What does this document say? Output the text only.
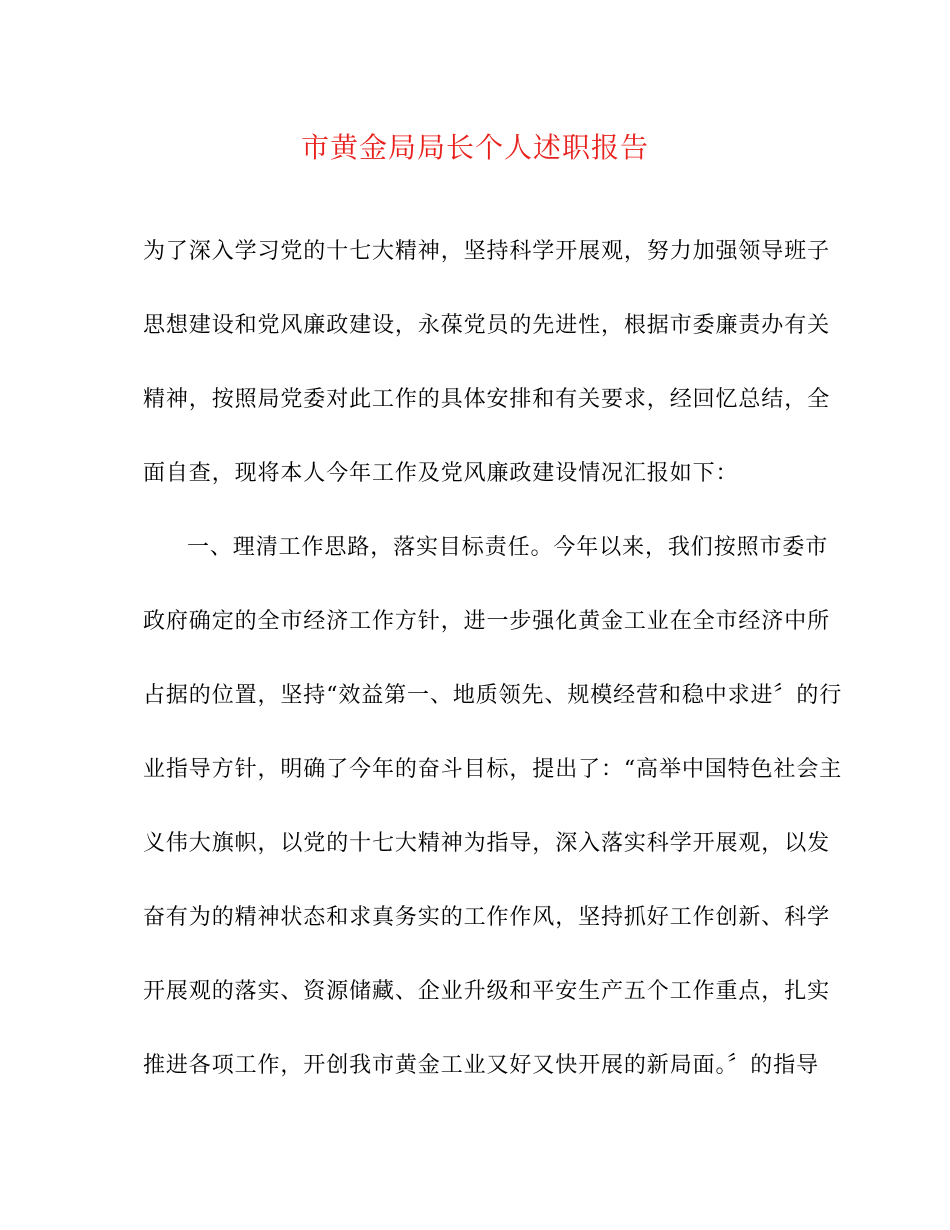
市黄金局局长个人述职报告
为了深入学习党的十七大精神，坚持科学开展观，努力加强领导班子
思想建设和党风廉政建设，永葆党员的先进性，根据市委廉责办有关
精神，按照局党委对此工作的具体安排和有关要求，经回忆总结，全
面自查，现将本人今年工作及党风廉政建设情况汇报如下：
一、理清工作思路，落实目标责任。今年以来，我们按照市委市
政府确定的全市经济工作方针，进一步强化黄金工业在全市经济中所
占据的位置，坚持“效益第一、地质领先、规模经营和稳中求进〞的行
业指导方针，明确了今年的奋斗目标，提出了：“高举中国特色社会主
义伟大旗帜，以党的十七大精神为指导，深入落实科学开展观，以发
奋有为的精神状态和求真务实的工作作风，坚持抓好工作创新、科学
开展观的落实、资源储藏、企业升级和平安生产五个工作重点，扎实
推进各项工作，开创我市黄金工业又好又快开展的新局面。〞的指导
